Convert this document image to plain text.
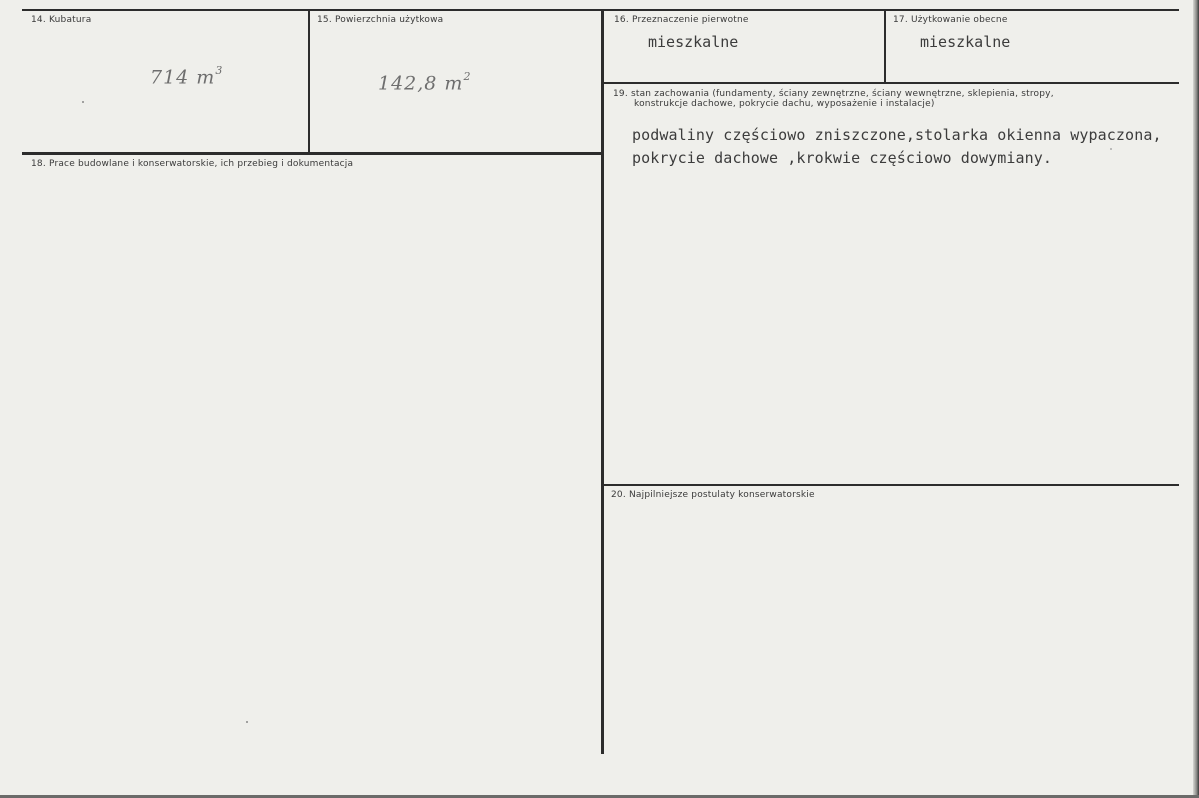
14. Kubatura
714 $m^3$
15. Powierzchnia użytkowa
142,8 $m^2$
16. Przeznaczenie pierwotne
mieszkalne
17. Użytkowanie obecne
mieszkalne
18. Prace budowlane i konserwatorskie, ich przebieg i dokumentacja
19. stan zachowania (fundamenty, ściany zewnętrzne, ściany wewnętrzne, sklepienia, stropy,
konstrukcje dachowe, pokrycie dachu, wyposażenie i instalacje)
podwaliny częściowo zniszczone,stolarka okienna wypaczona,
pokrycie dachowe ,krokwie częściowo dowymiany.
20. Najpilniejsze postulaty konserwatorskie
